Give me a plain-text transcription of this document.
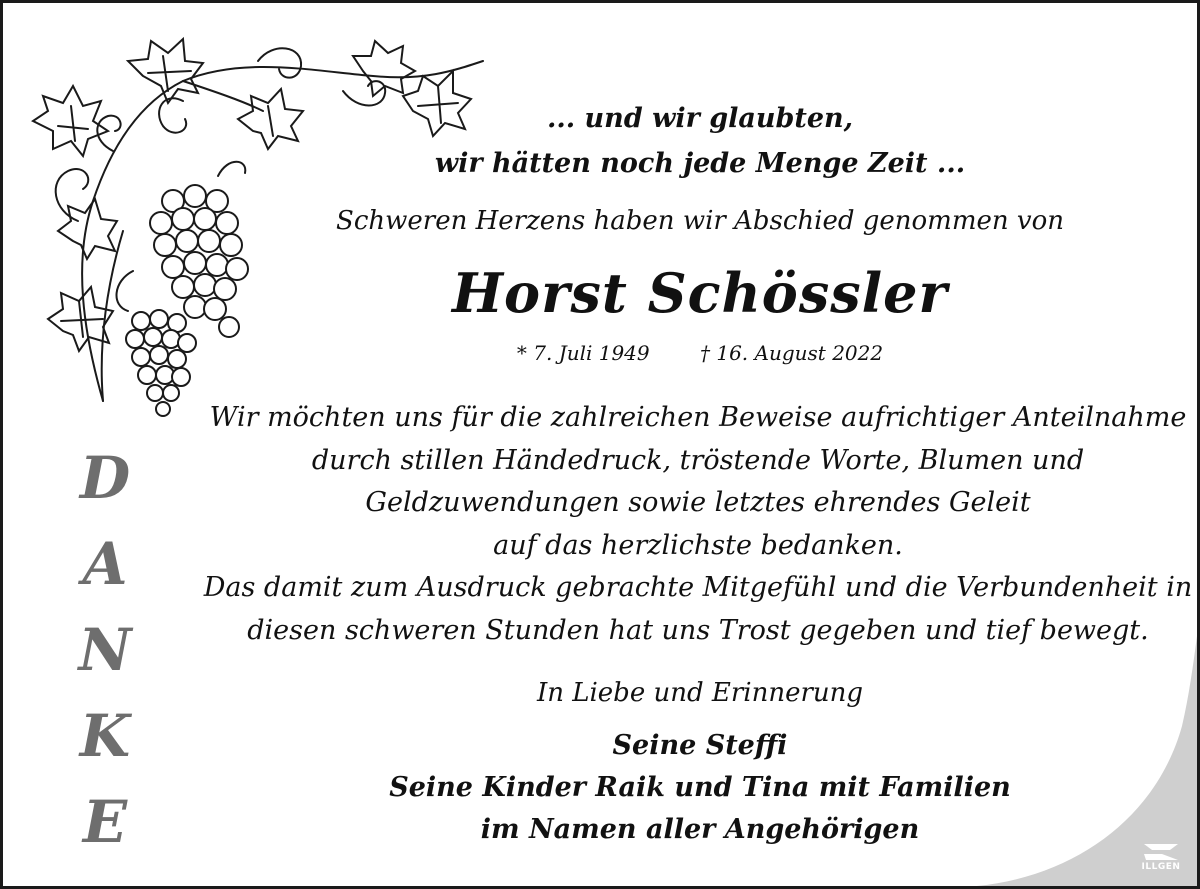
... und wir glaubten,
wir hätten noch jede Menge Zeit ...
Schweren Herzens haben wir Abschied genommen von
Horst Schössler
* 7. Juli 1949	† 16. August 2022
Wir möchten uns für die zahlreichen Beweise aufrichtiger Anteilnahme
durch stillen Händedruck, tröstende Worte, Blumen und
Geldzuwendungen sowie letztes ehrendes Geleit
auf das herzlichste bedanken.
Das damit zum Ausdruck gebrachte Mitgefühl und die Verbundenheit in
diesen schweren Stunden hat uns Trost gegeben und tief bewegt.
In Liebe und Erinnerung
Seine Steffi
Seine Kinder Raik und Tina mit Familien
im Namen aller Angehörigen
D
A
N
K
E
ILLGEN
